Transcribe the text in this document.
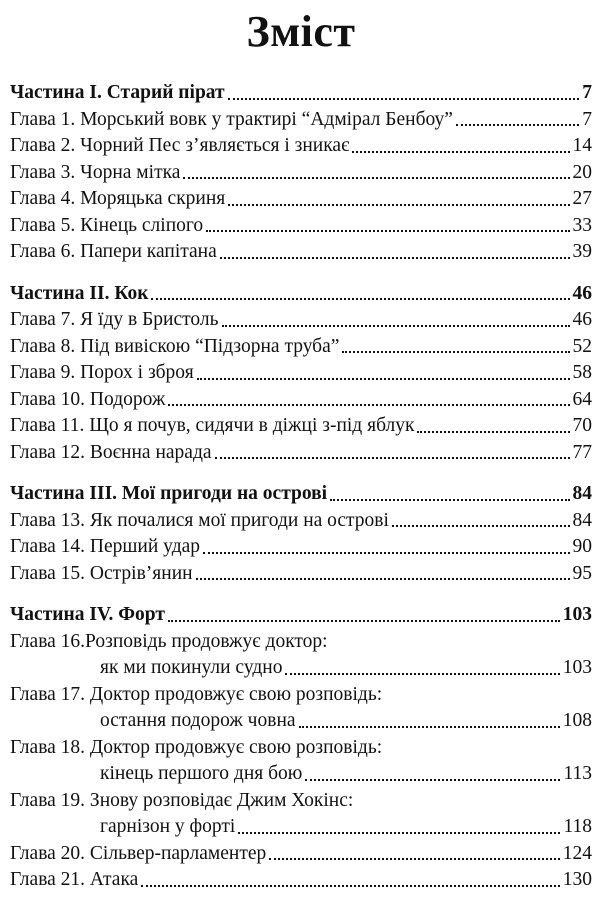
Зміст
Частина I. Старий пірат	7
Глава 1. Морський вовк у трактирі “Адмірал Бенбоу”	7
Глава 2. Чорний Пес з’являється і зникає	14
Глава 3. Чорна мітка	20
Глава 4. Моряцька скриня	27
Глава 5. Кінець сліпого	33
Глава 6. Папери капітана	39
Частина II. Кок	46
Глава 7. Я їду в Бристоль	46
Глава 8. Під вивіскою “Підзорна труба”	52
Глава 9. Порох і зброя	58
Глава 10. Подорож	64
Глава 11. Що я почув, сидячи в діжці з-під яблук	70
Глава 12. Воєнна нарада	77
Частина III. Мої пригоди на острові	84
Глава 13. Як почалися мої пригоди на острові	84
Глава 14. Перший удар	90
Глава 15. Острів’янин	95
Частина IV. Форт	103
Глава 16.Розповідь продовжує доктор:
як ми покинули судно	103
Глава 17. Доктор продовжує свою розповідь:
остання подорож човна	108
Глава 18. Доктор продовжує свою розповідь:
кінець першого дня бою	113
Глава 19. Знову розповідає Джим Хокінс:
гарнізон у форті	118
Глава 20. Сільвер-парламентер	124
Глава 21. Атака	130
